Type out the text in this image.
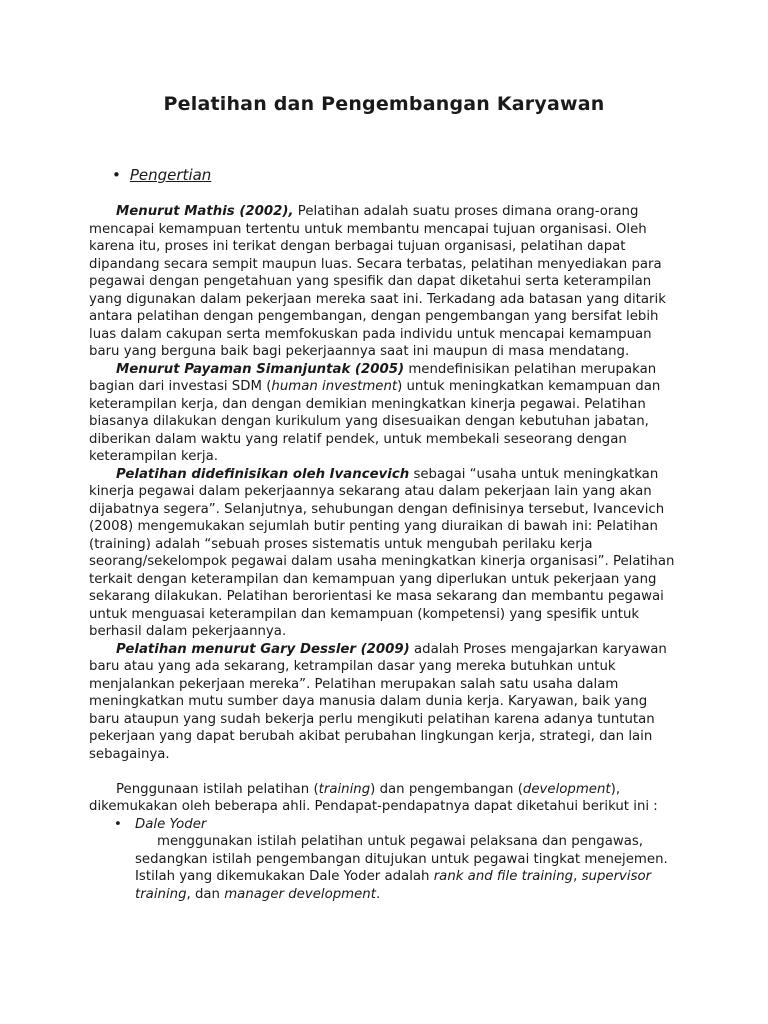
Pelatihan dan Pengembangan Karyawan
• Pengertian

Menurut Mathis (2002), Pelatihan adalah suatu proses dimana orang-orang mencapai kemampuan tertentu untuk membantu mencapai tujuan organisasi. Oleh karena itu, proses ini terikat dengan berbagai tujuan organisasi, pelatihan dapat dipandang secara sempit maupun luas. Secara terbatas, pelatihan menyediakan para pegawai dengan pengetahuan yang spesifik dan dapat diketahui serta keterampilan yang digunakan dalam pekerjaan mereka saat ini. Terkadang ada batasan yang ditarik antara pelatihan dengan pengembangan, dengan pengembangan yang bersifat lebih luas dalam cakupan serta memfokuskan pada individu untuk mencapai kemampuan baru yang berguna baik bagi pekerjaannya saat ini maupun di masa mendatang.

Menurut Payaman Simanjuntak (2005) mendefinisikan pelatihan merupakan bagian dari investasi SDM (human investment) untuk meningkatkan kemampuan dan keterampilan kerja, dan dengan demikian meningkatkan kinerja pegawai. Pelatihan biasanya dilakukan dengan kurikulum yang disesuaikan dengan kebutuhan jabatan, diberikan dalam waktu yang relatif pendek, untuk membekali seseorang dengan keterampilan kerja.

Pelatihan didefinisikan oleh Ivancevich sebagai “usaha untuk meningkatkan kinerja pegawai dalam pekerjaannya sekarang atau dalam pekerjaan lain yang akan dijabatnya segera”. Selanjutnya, sehubungan dengan definisinya tersebut, Ivancevich (2008) mengemukakan sejumlah butir penting yang diuraikan di bawah ini: Pelatihan (training) adalah “sebuah proses sistematis untuk mengubah perilaku kerja seorang/sekelompok pegawai dalam usaha meningkatkan kinerja organisasi”. Pelatihan terkait dengan keterampilan dan kemampuan yang diperlukan untuk pekerjaan yang sekarang dilakukan. Pelatihan berorientasi ke masa sekarang dan membantu pegawai untuk menguasai keterampilan dan kemampuan (kompetensi) yang spesifik untuk berhasil dalam pekerjaannya.

Pelatihan menurut Gary Dessler (2009) adalah Proses mengajarkan karyawan baru atau yang ada sekarang, ketrampilan dasar yang mereka butuhkan untuk menjalankan pekerjaan mereka”. Pelatihan merupakan salah satu usaha dalam meningkatkan mutu sumber daya manusia dalam dunia kerja. Karyawan, baik yang baru ataupun yang sudah bekerja perlu mengikuti pelatihan karena adanya tuntutan pekerjaan yang dapat berubah akibat perubahan lingkungan kerja, strategi, dan lain sebagainya.

Penggunaan istilah pelatihan (training) dan pengembangan (development), dikemukakan oleh beberapa ahli. Pendapat-pendapatnya dapat diketahui berikut ini :

• Dale Yoder

menggunakan istilah pelatihan untuk pegawai pelaksana dan pengawas, sedangkan istilah pengembangan ditujukan untuk pegawai tingkat menejemen. Istilah yang dikemukakan Dale Yoder adalah rank and file training, supervisor training, dan manager development.
